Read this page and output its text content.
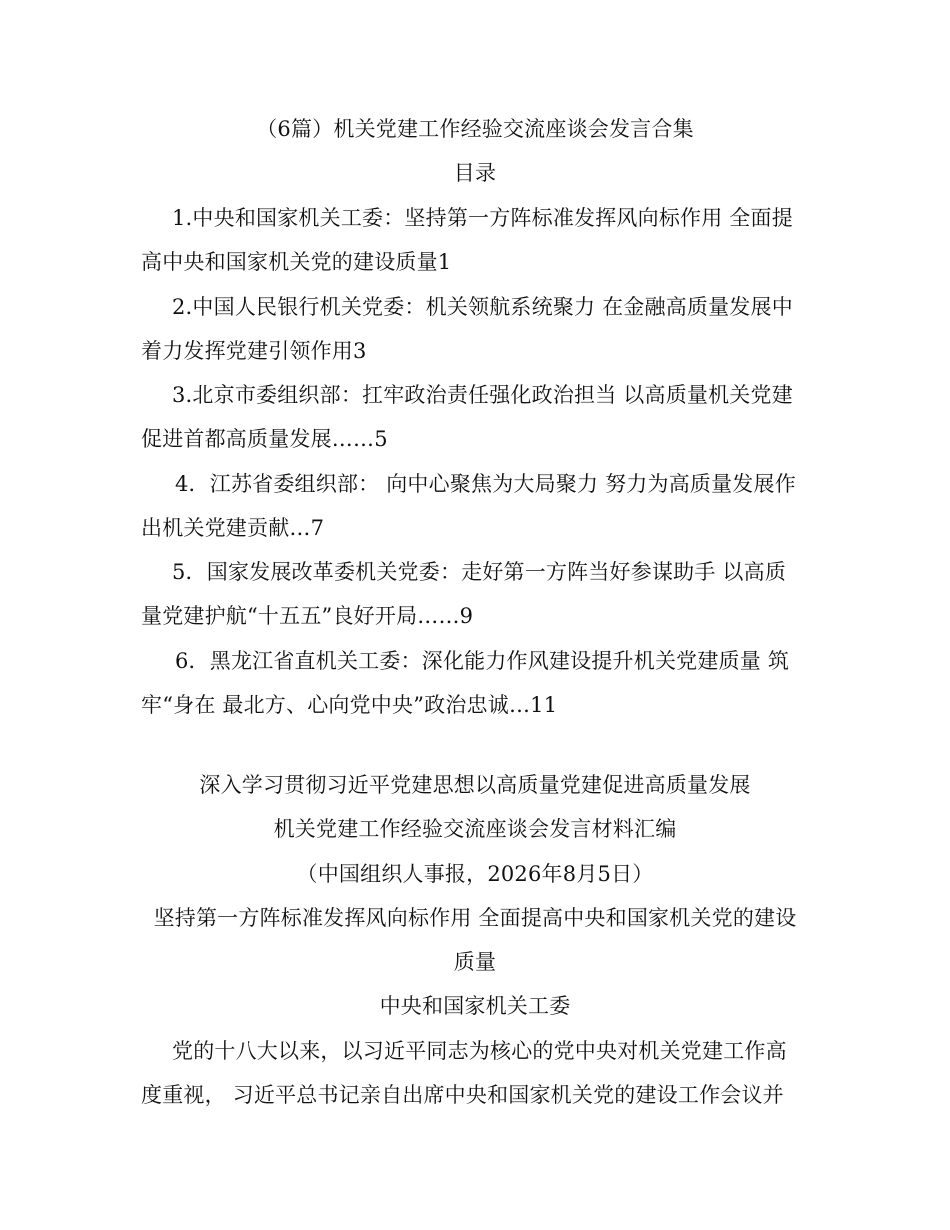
（6篇）机关党建工作经验交流座谈会发言合集
目录
1.中央和国家机关工委：坚持第一方阵标准发挥风向标作用 全面提
高中央和国家机关党的建设质量1
2.中国人民银行机关党委：机关领航系统聚力 在金融高质量发展中
着力发挥党建引领作用3
3.北京市委组织部：扛牢政治责任强化政治担当 以高质量机关党建
促进首都高质量发展……5
4．江苏省委组织部： 向中心聚焦为大局聚力 努力为高质量发展作
出机关党建贡献…7
5．国家发展改革委机关党委：走好第一方阵当好参谋助手 以高质
量党建护航“十五五”良好开局……9
6．黑龙江省直机关工委：深化能力作风建设提升机关党建质量 筑
牢“身在 最北方、心向党中央”政治忠诚…11
深入学习贯彻习近平党建思想以高质量党建促进高质量发展
机关党建工作经验交流座谈会发言材料汇编
（中国组织人事报，2026年8月5日）
坚持第一方阵标准发挥风向标作用 全面提高中央和国家机关党的建设
质量
中央和国家机关工委
党的十八大以来，以习近平同志为核心的党中央对机关党建工作高
度重视， 习近平总书记亲自出席中央和国家机关党的建设工作会议并
